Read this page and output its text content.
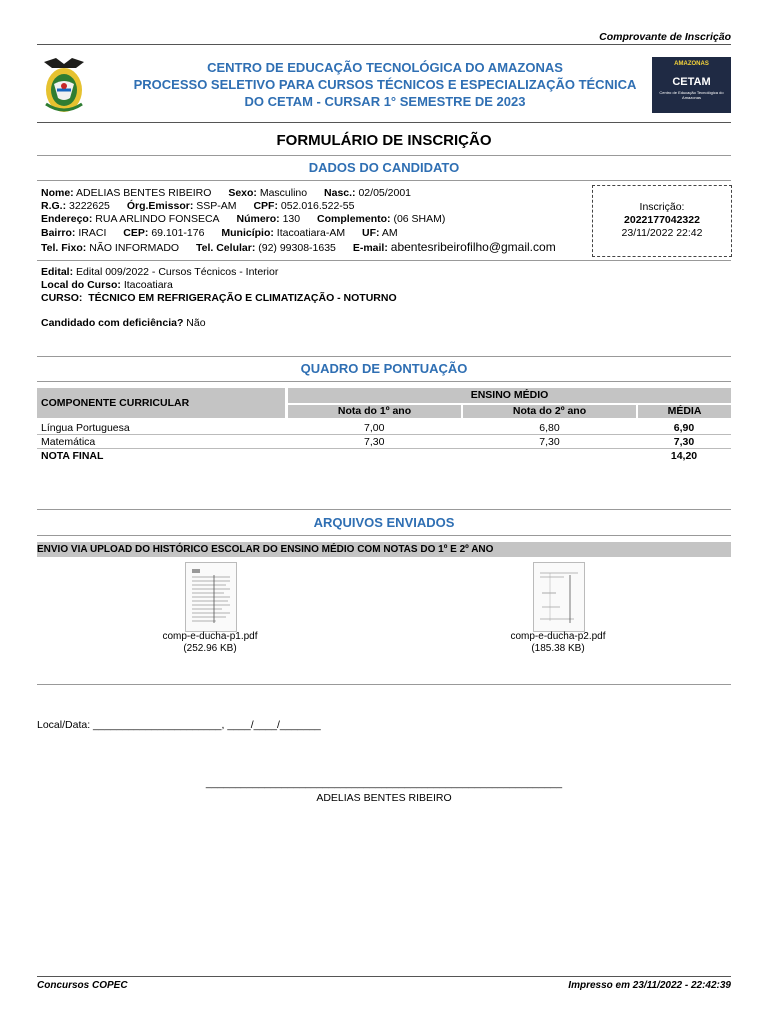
Comprovante de Inscrição
CENTRO DE EDUCAÇÃO TECNOLÓGICA DO AMAZONAS
PROCESSO SELETIVO PARA CURSOS TÉCNICOS E ESPECIALIZAÇÃO TÉCNICA
DO CETAM - CURSAR 1° SEMESTRE DE 2023
AMAZONAS
CETAM
Centro de Educação Tecnológica do Amazonas
FORMULÁRIO DE INSCRIÇÃO
DADOS DO CANDIDATO
Nome: ADELIAS BENTES RIBEIRO Sexo: Masculino Nasc.: 02/05/2001
R.G.: 3222625 Órg.Emissor: SSP-AM CPF: 052.016.522-55
Endereço: RUA ARLINDO FONSECA Número: 130 Complemento: (06 SHAM)
Bairro: IRACI CEP: 69.101-176 Município: Itacoatiara-AM UF: AM
Tel. Fixo: NÃO INFORMADO Tel. Celular: (92) 99308-1635 E-mail: abentesribeirofilho@gmail.com
Inscrição:
2022177042322
23/11/2022 22:42
Edital: Edital 009/2022 - Cursos Técnicos - Interior
Local do Curso: Itacoatiara
CURSO: TÉCNICO EM REFRIGERAÇÃO E CLIMATIZAÇÃO - NOTURNO
Candidado com deficiência? Não
QUADRO DE PONTUAÇÃO
COMPONENTE CURRICULAR	ENSINO MÉDIO		
	Nota do 1º ano	Nota do 2º ano	MÉDIA
Língua Portuguesa	7,00	6,80	6,90
Matemática	7,30	7,30	7,30
NOTA FINAL			14,20
ARQUIVOS ENVIADOS
ENVIO VIA UPLOAD DO HISTÓRICO ESCOLAR DO ENSINO MÉDIO COM NOTAS DO 1º E 2º ANO
comp-e-ducha-p1.pdf
(252.96 KB)
comp-e-ducha-p2.pdf
(185.38 KB)
Local/Data: ______________________, ____/____/_______
_____________________________________________________________
ADELIAS BENTES RIBEIRO
Concursos COPEC	Impresso em 23/11/2022 - 22:42:39
